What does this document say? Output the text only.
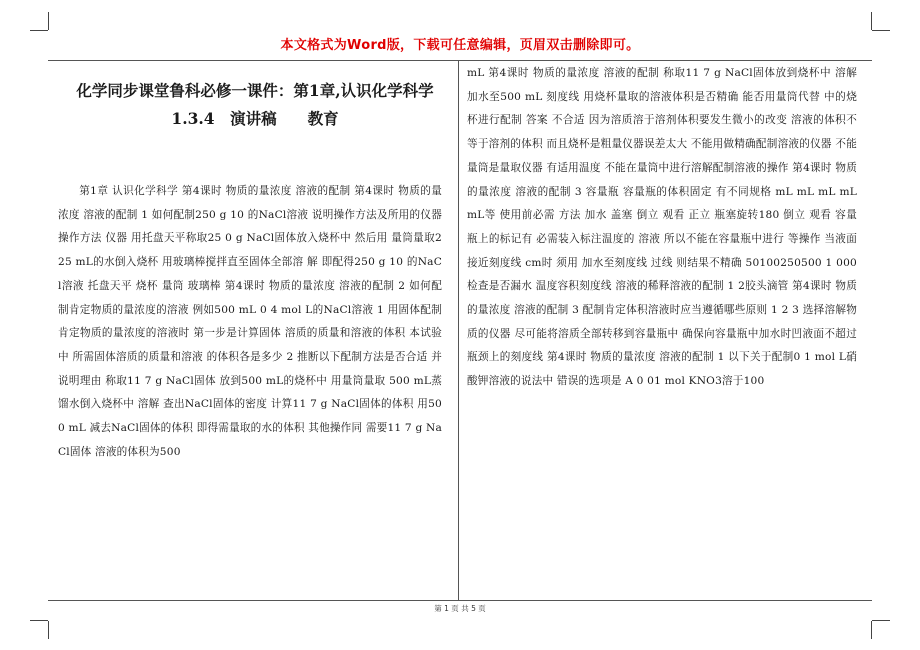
本文格式为Word版，下载可任意编辑，页眉双击删除即可。
化学同步课堂鲁科必修一课件：第1章,认识化学科学1.3.4　演讲稿　　教育
第1章 认识化学科学 第4课时 物质的量浓度 溶液的配制 第4课时 物质的量浓度 溶液的配制 1 如何配制250 g 10 的NaCl溶液 说明操作方法及所用的仪器 操作方法 仪器 用托盘天平称取25 0 g NaCl固体放入烧杯中 然后用 量筒量取225 mL的水倒入烧杯 用玻璃棒搅拌直至固体全部溶 解 即配得250 g 10 的NaCl溶液 托盘天平 烧杯 量筒 玻璃棒 第4课时 物质的量浓度 溶液的配制 2 如何配制肯定物质的量浓度的溶液 例如500 mL 0 4 mol L的NaCl溶液 1 用固体配制肯定物质的量浓度的溶液时 第一步是计算固体 溶质的质量和溶液的体积 本试验中 所需固体溶质的质量和溶液 的体积各是多少 2 推断以下配制方法是否合适 并说明理由 称取11 7 g NaCl固体 放到500 mL的烧杯中 用量筒量取 500 mL蒸馏水倒入烧杯中 溶解 查出NaCl固体的密度 计算11 7 g NaCl固体的体积 用500 mL 减去NaCl固体的体积 即得需量取的水的体积 其他操作同 需要11 7 g NaCl固体 溶液的体积为500
mL 第4课时 物质的量浓度 溶液的配制 称取11 7 g NaCl固体放到烧杯中 溶解 加水至500 mL 刻度线 用烧杯量取的溶液体积是否精确 能否用量筒代替 中的烧杯进行配制 答案 不合适 因为溶质溶于溶剂体积要发生微小的改变 溶液的体积不等于溶剂的体积 而且烧杯是粗量仪器误差太大 不能用做精确配制溶液的仪器 不能 量筒是量取仪器 有适用温度 不能在量筒中进行溶解配制溶液的操作 第4课时 物质的量浓度 溶液的配制 3 容量瓶 容量瓶的体积固定 有不同规格 mL mL mL mL mL等 使用前必需 方法 加水 盖塞 倒立 观看 正立 瓶塞旋转180 倒立 观看 容量瓶上的标记有 必需装入标注温度的 溶液 所以不能在容量瓶中进行 等操作 当液面接近刻度线 cm时 须用 加水至刻度线 过线 则结果不精确 50100250500 1 000 检查是否漏水 温度容积刻度线 溶液的稀释溶液的配制 1 2胶头滴管 第4课时 物质的量浓度 溶液的配制 3 配制肯定体积溶液时应当遵循哪些原则 1 2 3 选择溶解物质的仪器 尽可能将溶质全部转移到容量瓶中 确保向容量瓶中加水时凹液面不超过瓶颈上的刻度线 第4课时 物质的量浓度 溶液的配制 1 以下关于配制0 1 mol L硝酸钾溶液的说法中 错误的选项是 A 0 01 mol KNO3溶于100
第 1 页 共 5 页
